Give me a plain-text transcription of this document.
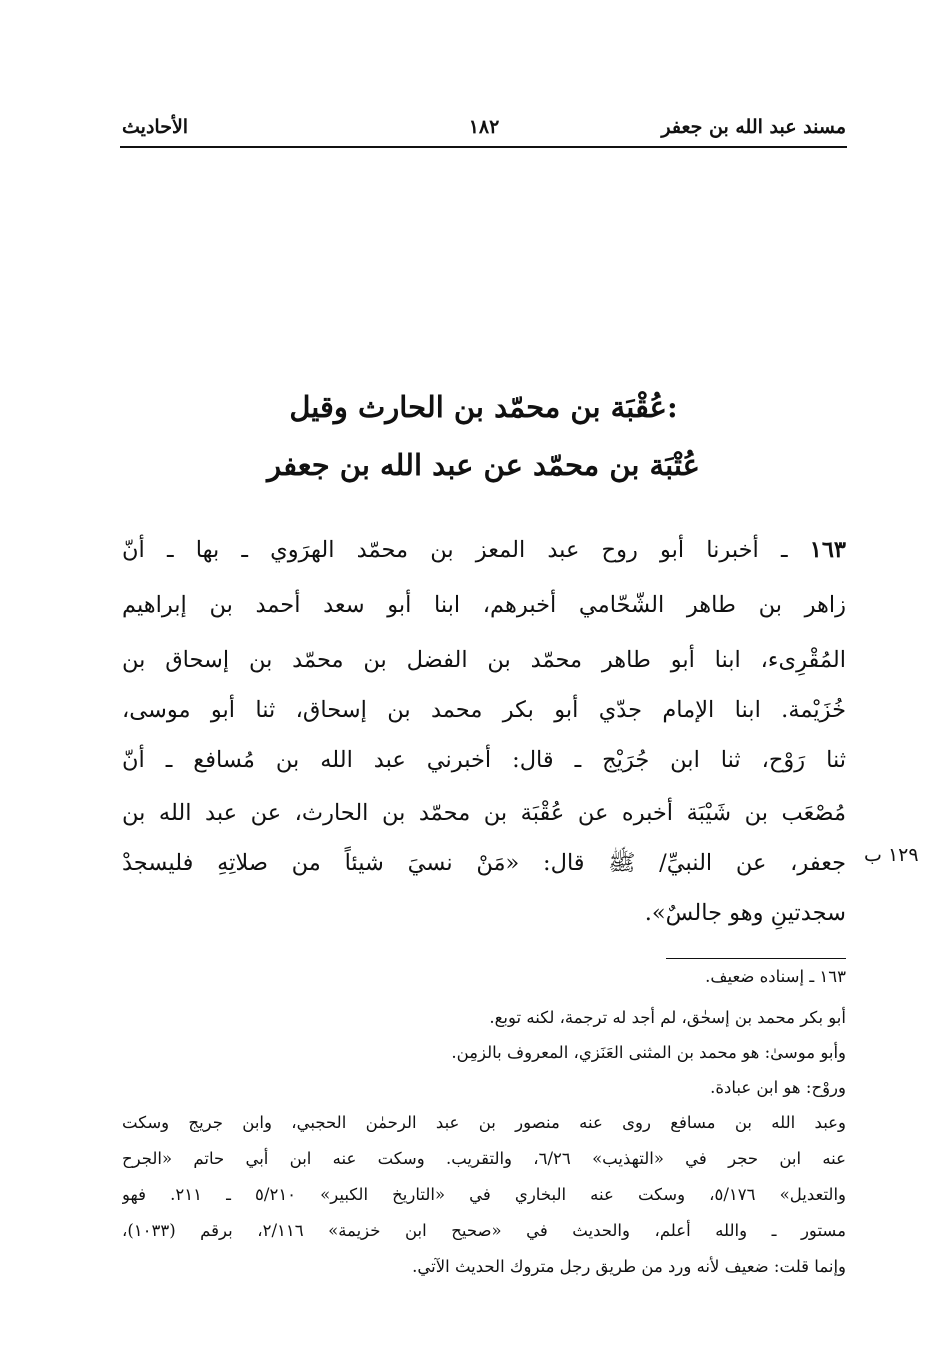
مسند عبد الله بن جعفر
١٨٢
الأحاديث
عُقْبَة بن محمّد بن الحارث وقيل:
عُتْبَة بن محمّد عن عبد الله بن جعفر
١٦٣ ـ أخبرنا أبو روح عبد المعز بن محمّد الهرَوي ـ بها ـ أنّ
زاهر بن طاهر الشّحّامي أخبرهم، ابنا أبو سعد أحمد بن إبراهيم
المُقْرِىء، ابنا أبو طاهر محمّد بن الفضل بن محمّد بن إسحاق بن
خُزَيْمة. ابنا الإمام جدّي أبو بكر محمد بن إسحاق، ثنا أبو موسى،
ثنا رَوْح، ثنا ابن جُرَيْج ـ قال: أخبرني عبد الله بن مُسافع ـ أنّ
مُصْعَب بن شَيْبَة أخبره عن عُقْبَة بن محمّد بن الحارث، عن عبد الله بن
جعفر، عن النبيِّ/ ﷺ قال: «مَنْ نسيَ شيئاً من صلاتِهِ فليسجدْ
سجدتينِ وهو جالسٌ».
١٢٩ ب
١٦٣ ـ إسناده ضعيف.
أبو بكر محمد بن إسحٰق، لم أجد له ترجمة، لكنه توبع.
وأبو موسىٰ: هو محمد بن المثنى العَنَزي، المعروف بالزمِن.
وروْح: هو ابن عبادة.
وعبد الله بن مسافع روى عنه منصور بن عبد الرحمٰن الحجبي، وابن جريج وسكت
عنه ابن حجر في «التهذيب» ٦/٢٦، والتقريب. وسكت عنه ابن أبي حاتم «الجرح
والتعديل» ٥/١٧٦، وسكت عنه البخاري في «التاريخ الكبير» ٥/٢١٠ ـ ٢١١. فهو
مستور ـ والله أعلم، والحديث في «صحيح ابن خزيمة» ٢/١١٦، برقم (١٠٣٣)،
وإنما قلت: ضعيف لأنه ورد من طريق رجل متروك الحديث الآتي.
